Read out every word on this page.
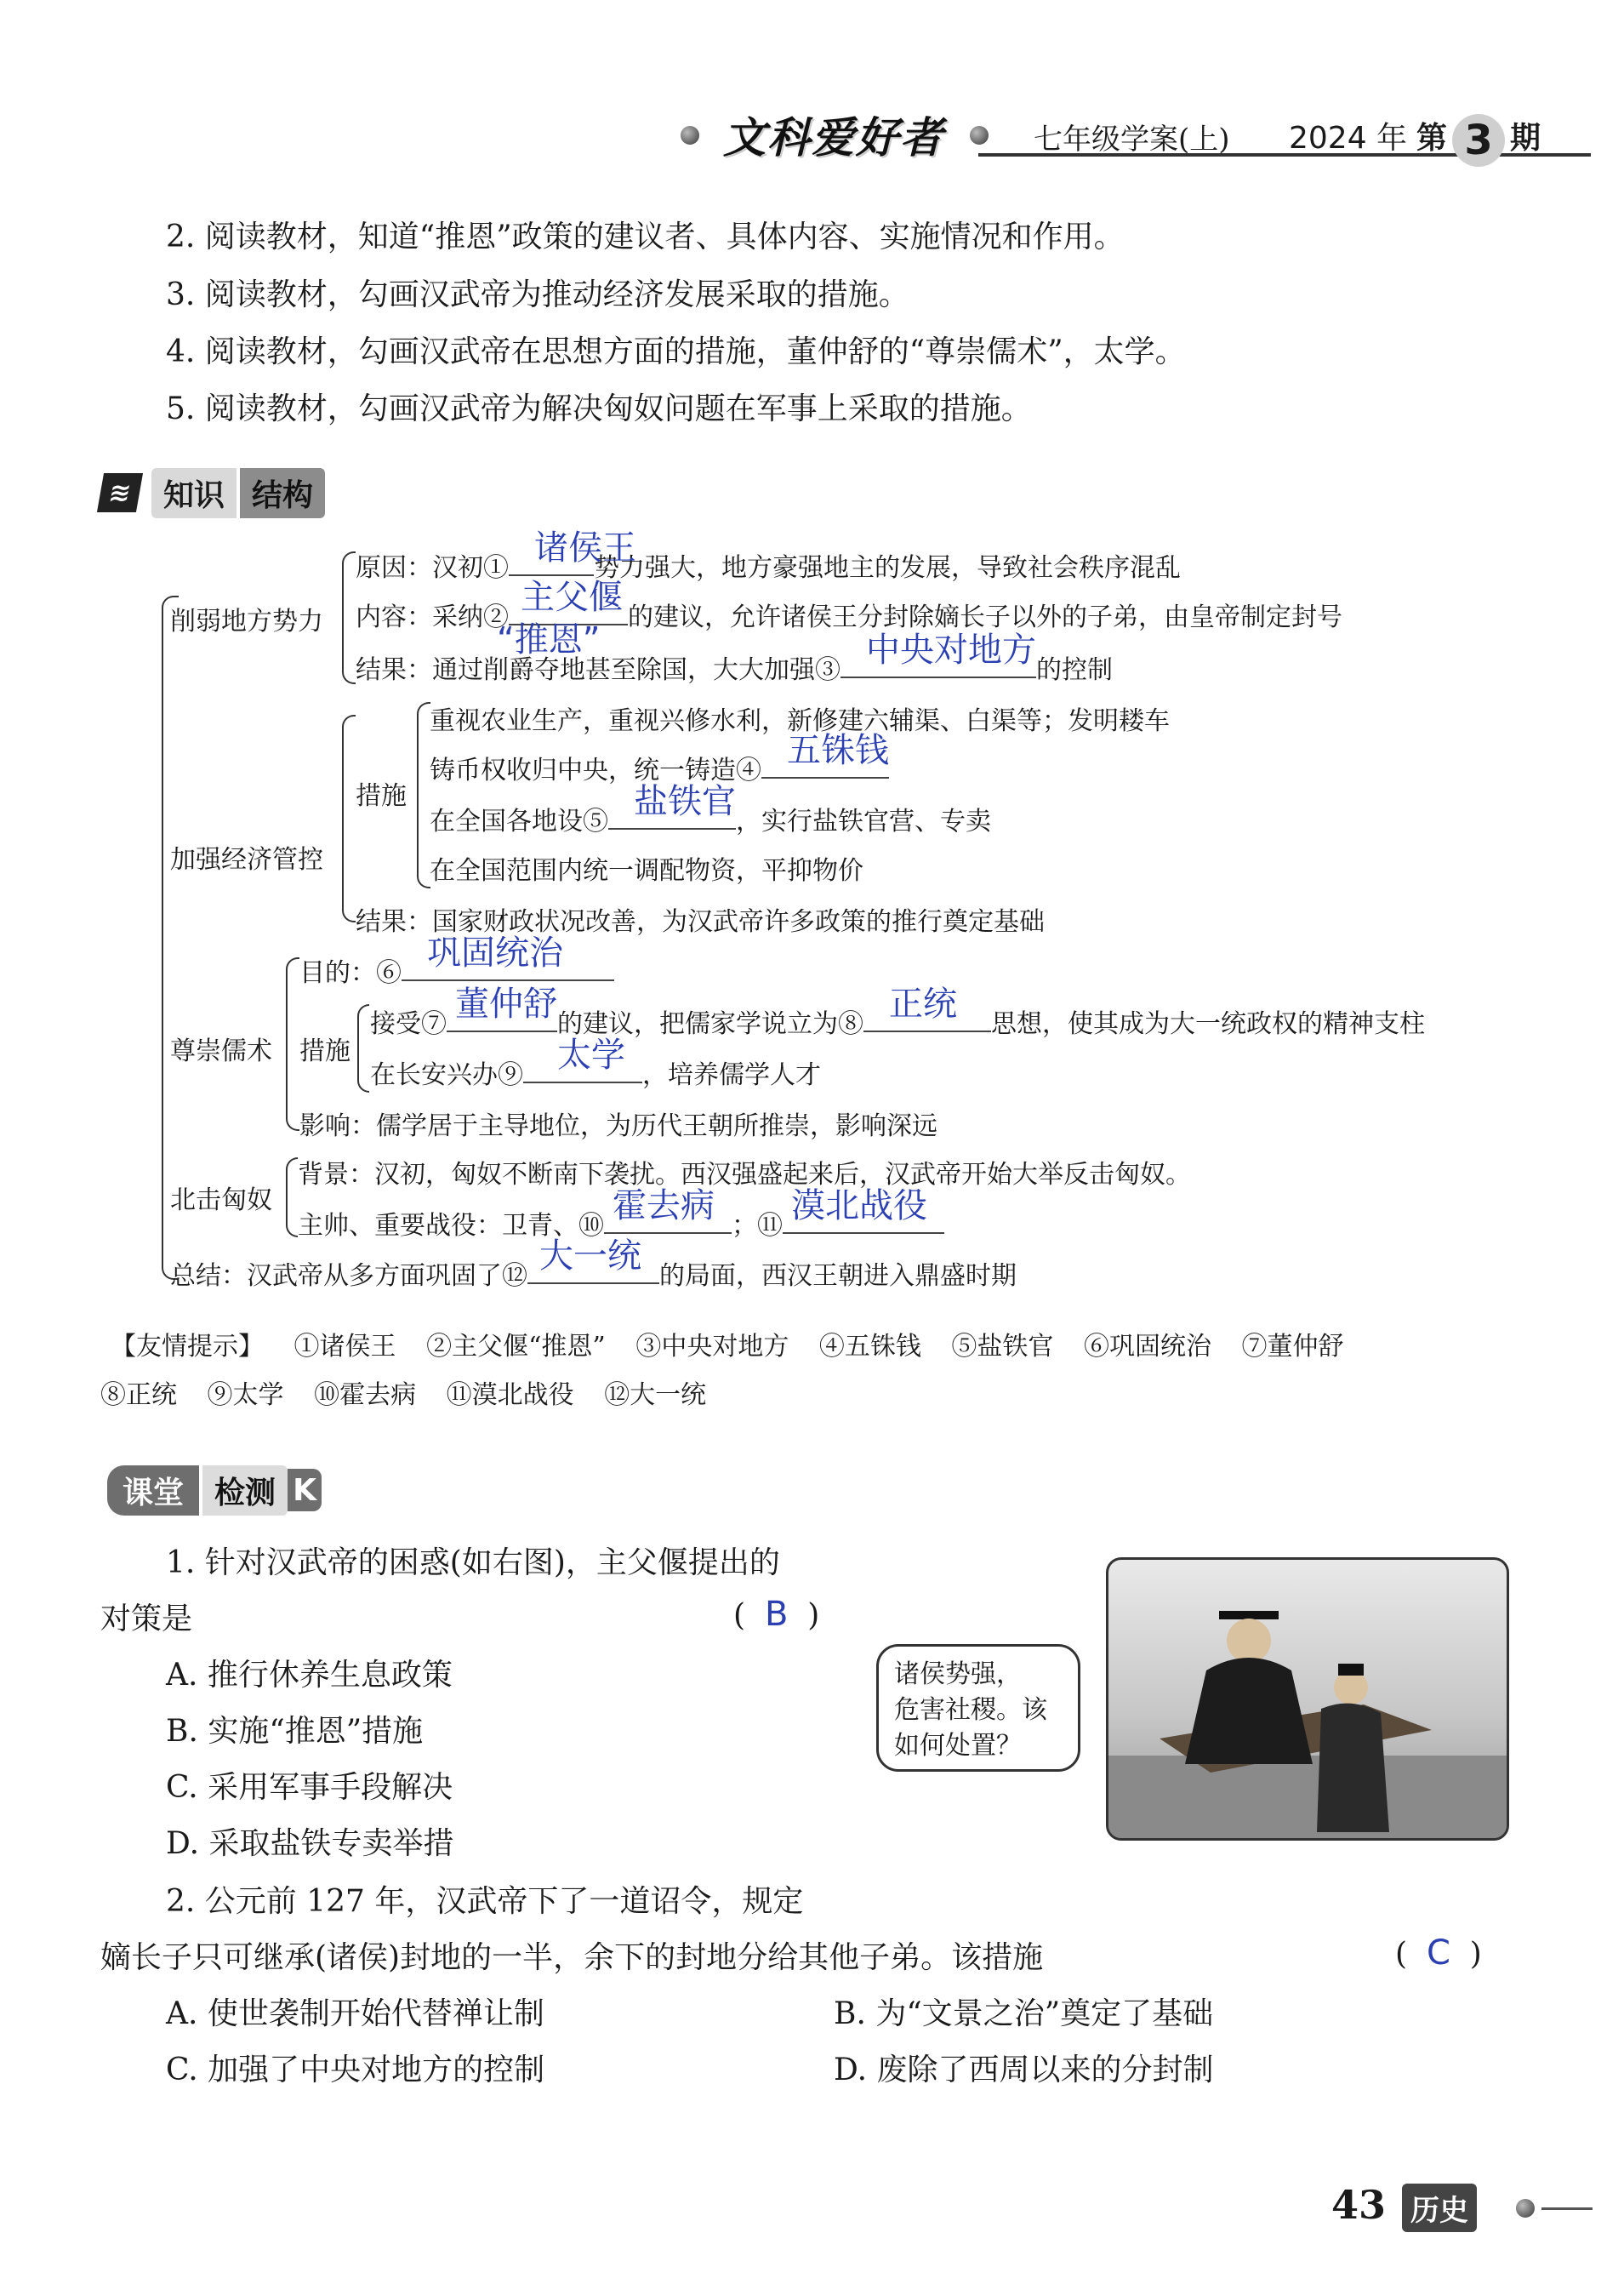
文科爱好者	七年级学案(上) 2024 年 第 3 期
2. 阅读教材，知道“推恩”政策的建议者、具体内容、实施情况和作用。
3. 阅读教材，勾画汉武帝为推动经济发展采取的措施。
4. 阅读教材，勾画汉武帝在思想方面的措施，董仲舒的“尊崇儒术”，太学。
5. 阅读教材，勾画汉武帝为解决匈奴问题在军事上采取的措施。
≋ 知识 结构
削弱地方势力
原因：汉初①
诸侯王
势力强大，地方豪强地主的发展，导致社会秩序混乱
内容：采纳②
主父偃
“推恩”
的建议，允许诸侯王分封除嫡长子以外的子弟，由皇帝制定封号
结果：通过削爵夺地甚至除国，大大加强③
中央对地方
的控制
加强经济管控
措施
重视农业生产，重视兴修水利，新修建六辅渠、白渠等；发明耧车
铸币权收归中央，统一铸造④
五铢钱
在全国各地设⑤
盐铁官
，实行盐铁官营、专卖
在全国范围内统一调配物资，平抑物价
结果：国家财政状况改善，为汉武帝许多政策的推行奠定基础
尊崇儒术
目的：⑥
巩固统治
措施
接受⑦
董仲舒
的建议，把儒家学说立为⑧
正统
思想，使其成为大一统政权的精神支柱
在长安兴办⑨
太学
，培养儒学人才
影响：儒学居于主导地位，为历代王朝所推崇，影响深远
北击匈奴
背景：汉初，匈奴不断南下袭扰。西汉强盛起来后，汉武帝开始大举反击匈奴。
主帅、重要战役：卫青、⑩
霍去病
；⑪
漠北战役
总结：汉武帝从多方面巩固了⑫
大一统
的局面，西汉王朝进入鼎盛时期
【友情提示】 ①诸侯王 ②主父偃“推恩” ③中央对地方 ④五铢钱 ⑤盐铁官 ⑥巩固统治 ⑦董仲舒
⑧正统 ⑨太学 ⑩霍去病 ⑪漠北战役 ⑫大一统
课堂	检测 K
1. 针对汉武帝的困惑(如右图)，主父偃提出的
对策是	(  B  )
A. 推行休养生息政策
B. 实施“推恩”措施
C. 采用军事手段解决
D. 采取盐铁专卖举措
诸侯势强，
危害社稷。该
如何处置？
2. 公元前 127 年，汉武帝下了一道诏令，规定
嫡长子只可继承(诸侯)封地的一半，余下的封地分给其他子弟。该措施	(  C  )
A. 使世袭制开始代替禅让制	B. 为“文景之治”奠定了基础
C. 加强了中央对地方的控制	D. 废除了西周以来的分封制
43 历史
